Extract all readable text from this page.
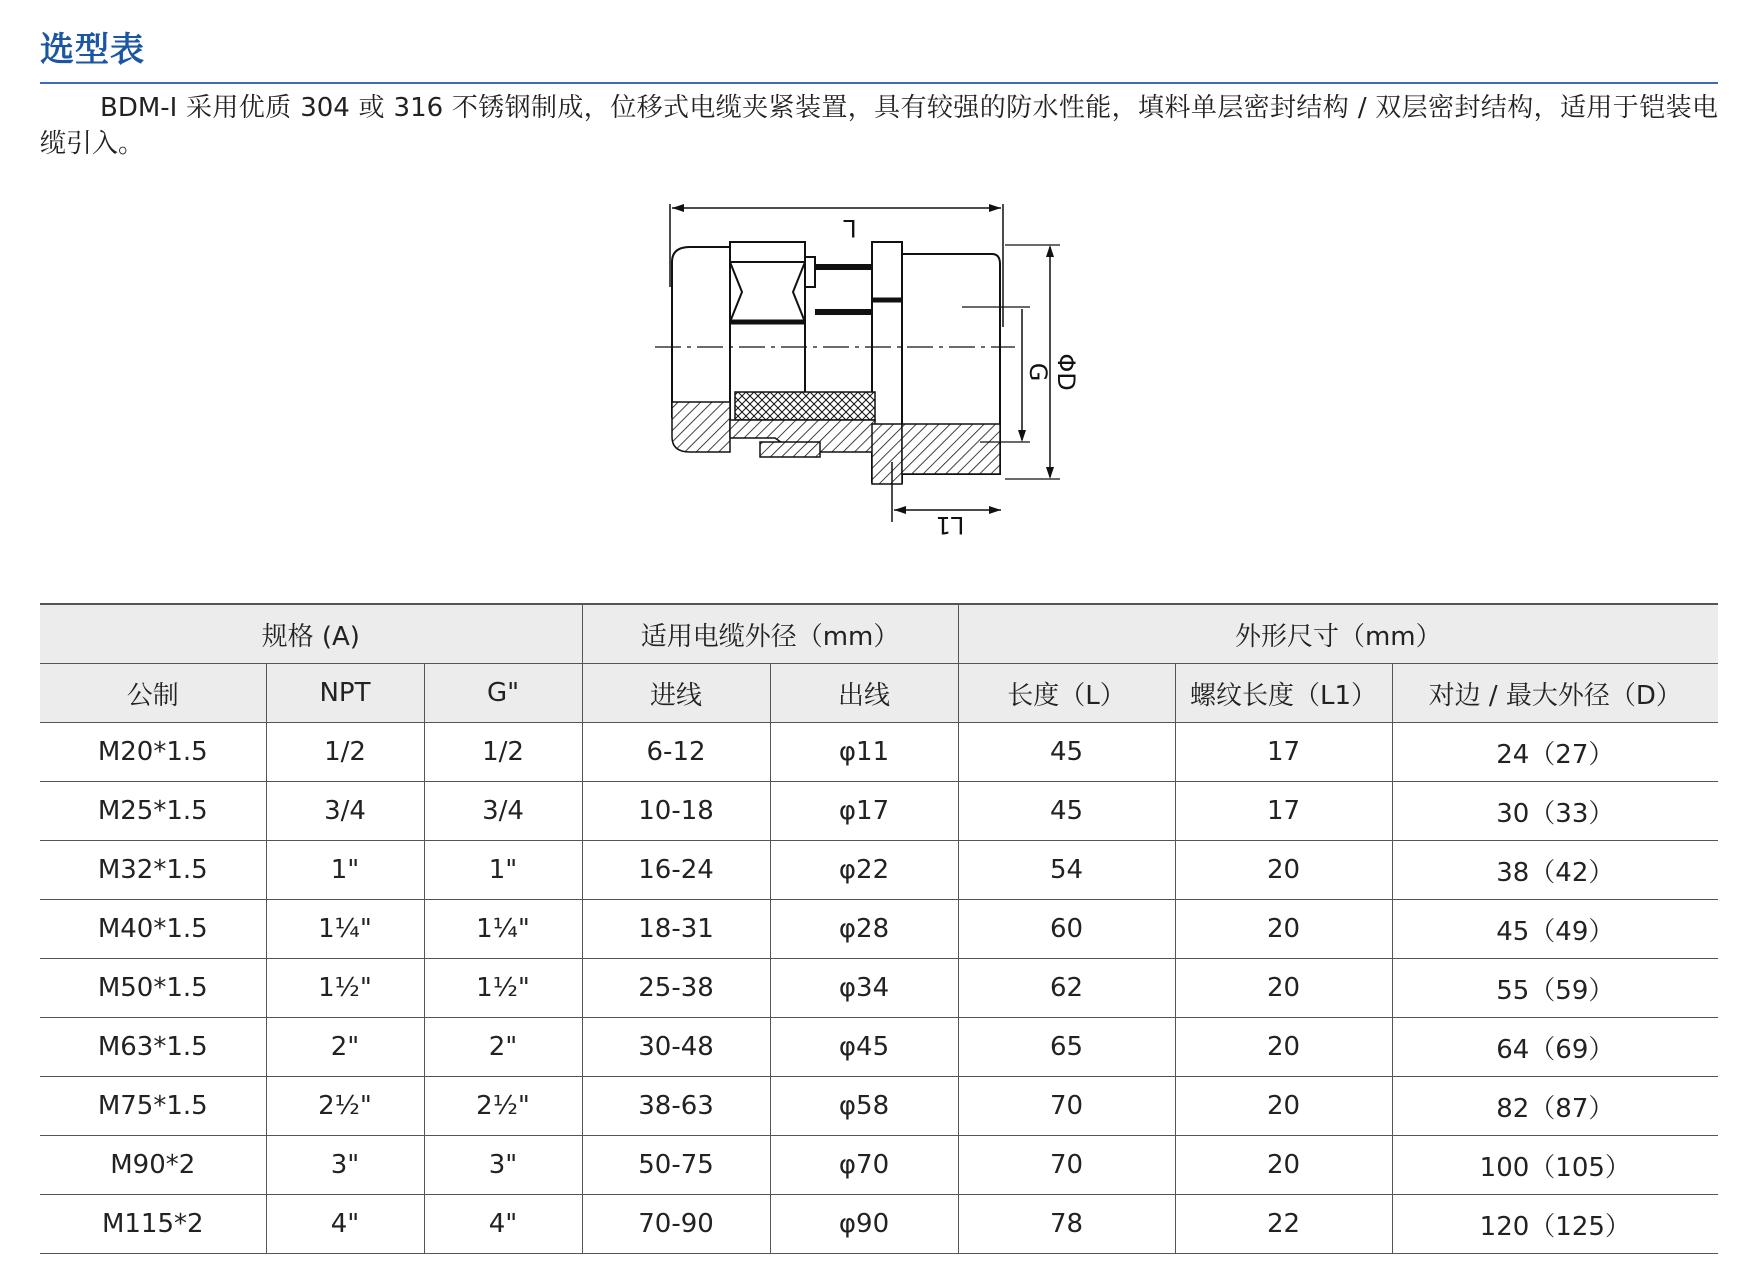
选型表
BDM-I 采用优质 304 或 316 不锈钢制成，位移式电缆夹紧装置，具有较强的防水性能，填料单层密封结构 / 双层密封结构，适用于铠装电缆引入。
L
L1
G ΦD
规格 (A)			适用电缆外径（mm）		外形尺寸（mm）		
公制	NPT	G"	进线	出线	长度（L）	螺纹长度（L1）	对边 / 最大外径（D）
M20*1.5	1/2	1/2	6-12	φ11	45	17	24（27）
M25*1.5	3/4	3/4	10-18	φ17	45	17	30（33）
M32*1.5	1"	1"	16-24	φ22	54	20	38（42）
M40*1.5	1¼"	1¼"	18-31	φ28	60	20	45（49）
M50*1.5	1½"	1½"	25-38	φ34	62	20	55（59）
M63*1.5	2"	2"	30-48	φ45	65	20	64（69）
M75*1.5	2½"	2½"	38-63	φ58	70	20	82（87）
M90*2	3"	3"	50-75	φ70	70	20	100（105）
M115*2	4"	4"	70-90	φ90	78	22	120（125）
